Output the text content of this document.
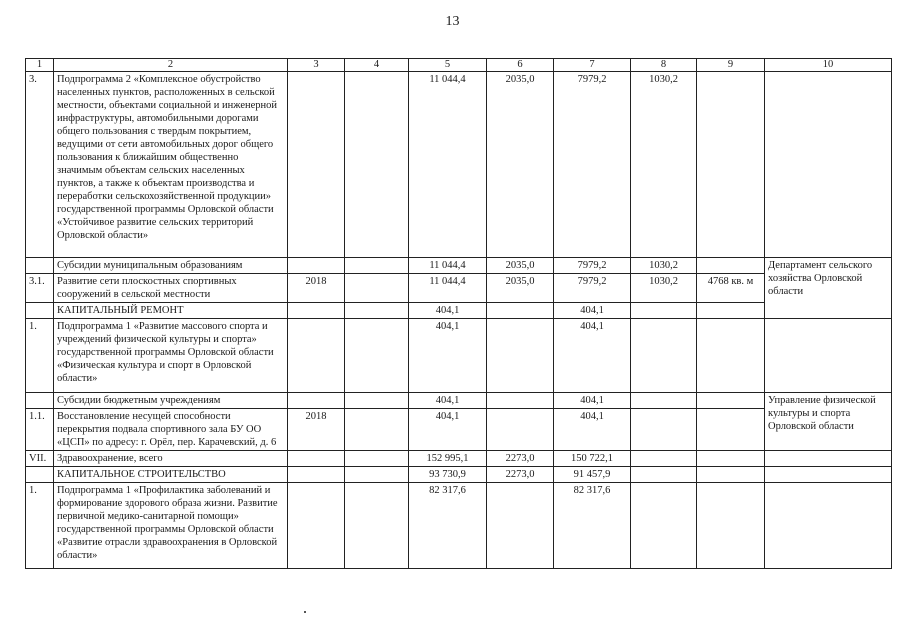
13
1	2	3	4	5	6	7	8	9	10
3.	Подпрограмма 2 «Комплексное обустройство населенных пунктов, расположенных в сельской местности, объектами социальной и инженерной инфраструктуры, автомобильными дорогами общего пользования с твердым покрытием, ведущими от сети автомобильных дорог общего пользования к ближайшим общественно значимым объектам сельских населенных пунктов, а также к объектам производства и переработки сельскохозяйственной продукции» государственной программы Орловской области «Устойчивое развитие сельских территорий Орловской области»			11 044,4	2035,0	7979,2	1030,2		
	Субсидии муниципальным образованиям			11 044,4	2035,0	7979,2	1030,2		Департамент сельского хозяйства Орловской области
3.1.	Развитие сети плоскостных спортивных сооружений в сельской местности	2018		11 044,4	2035,0	7979,2	1030,2	4768 кв. м	
	КАПИТАЛЬНЫЙ РЕМОНТ			404,1		404,1			
1.	Подпрограмма 1 «Развитие массового спорта и учреждений физической культуры и спорта» государственной программы Орловской области «Физическая культура и спорт в Орловской области»			404,1		404,1			
	Субсидии бюджетным учреждениям			404,1		404,1			Управление физической культуры и спорта Орловской области
1.1.	Восстановление несущей способности перекрытия подвала спортивного зала БУ ОО «ЦСП» по адресу: г. Орёл, пер. Карачевский, д. 6	2018		404,1		404,1			
VII.	Здравоохранение, всего			152 995,1	2273,0	150 722,1			
	КАПИТАЛЬНОЕ СТРОИТЕЛЬСТВО			93 730,9	2273,0	91 457,9			
1.	Подпрограмма 1 «Профилактика заболеваний и формирование здорового образа жизни. Развитие первичной медико-санитарной помощи» государственной программы Орловской области «Развитие отрасли здравоохранения в Орловской области»			82 317,6		82 317,6			
